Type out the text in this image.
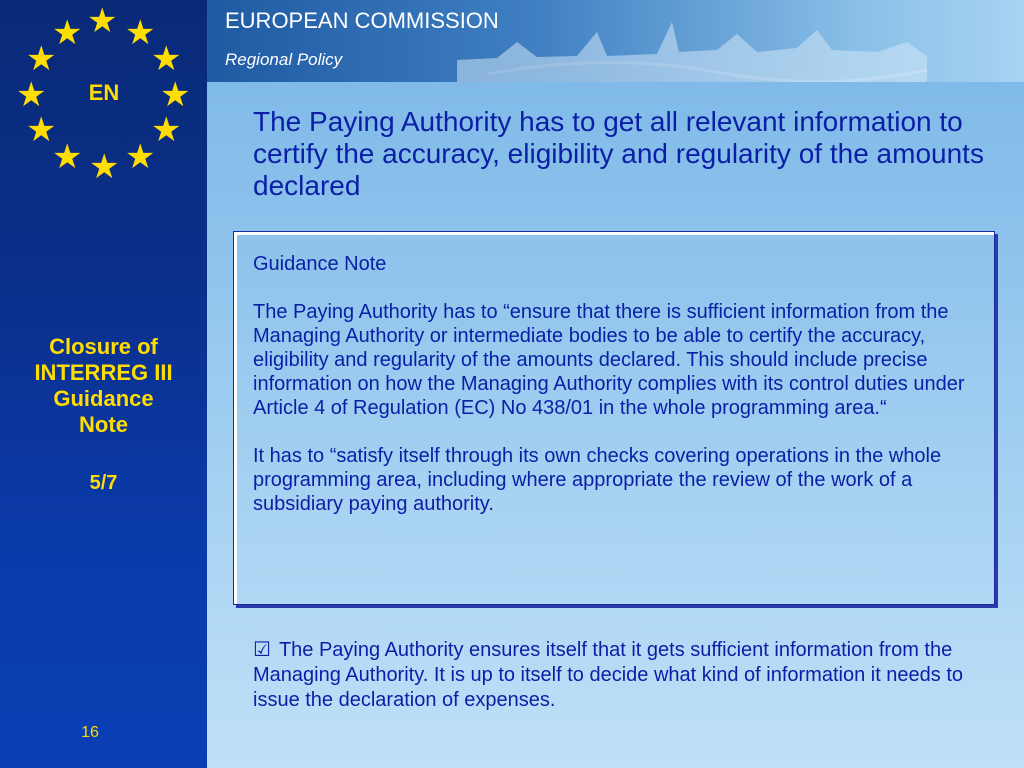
★
★ ★
★	★
★	★
★	★
★ ★
★
EN
Closure of
INTERREG III
Guidance
Note
5/7
16
EUROPEAN COMMISSION
Regional Policy
The Paying Authority has to get all relevant information to certify the accuracy, eligibility and regularity of the amounts declared

Guidance Note

The Paying Authority has to “ensure that there is sufficient information from the Managing Authority or intermediate bodies to be able to certify the accuracy, eligibility and regularity of the amounts declared. This should include precise information on how the Managing Authority complies with its control duties under Article 4 of Regulation (EC) No 438/01 in the whole programming area.“

It has to “satisfy itself through its own checks covering operations in the whole programming area, including where appropriate the review of the work of a subsidiary paying authority.

☑ The Paying Authority ensures itself that it gets sufficient information from the Managing Authority. It is up to itself to decide what kind of information it needs to issue the declaration of expenses.
